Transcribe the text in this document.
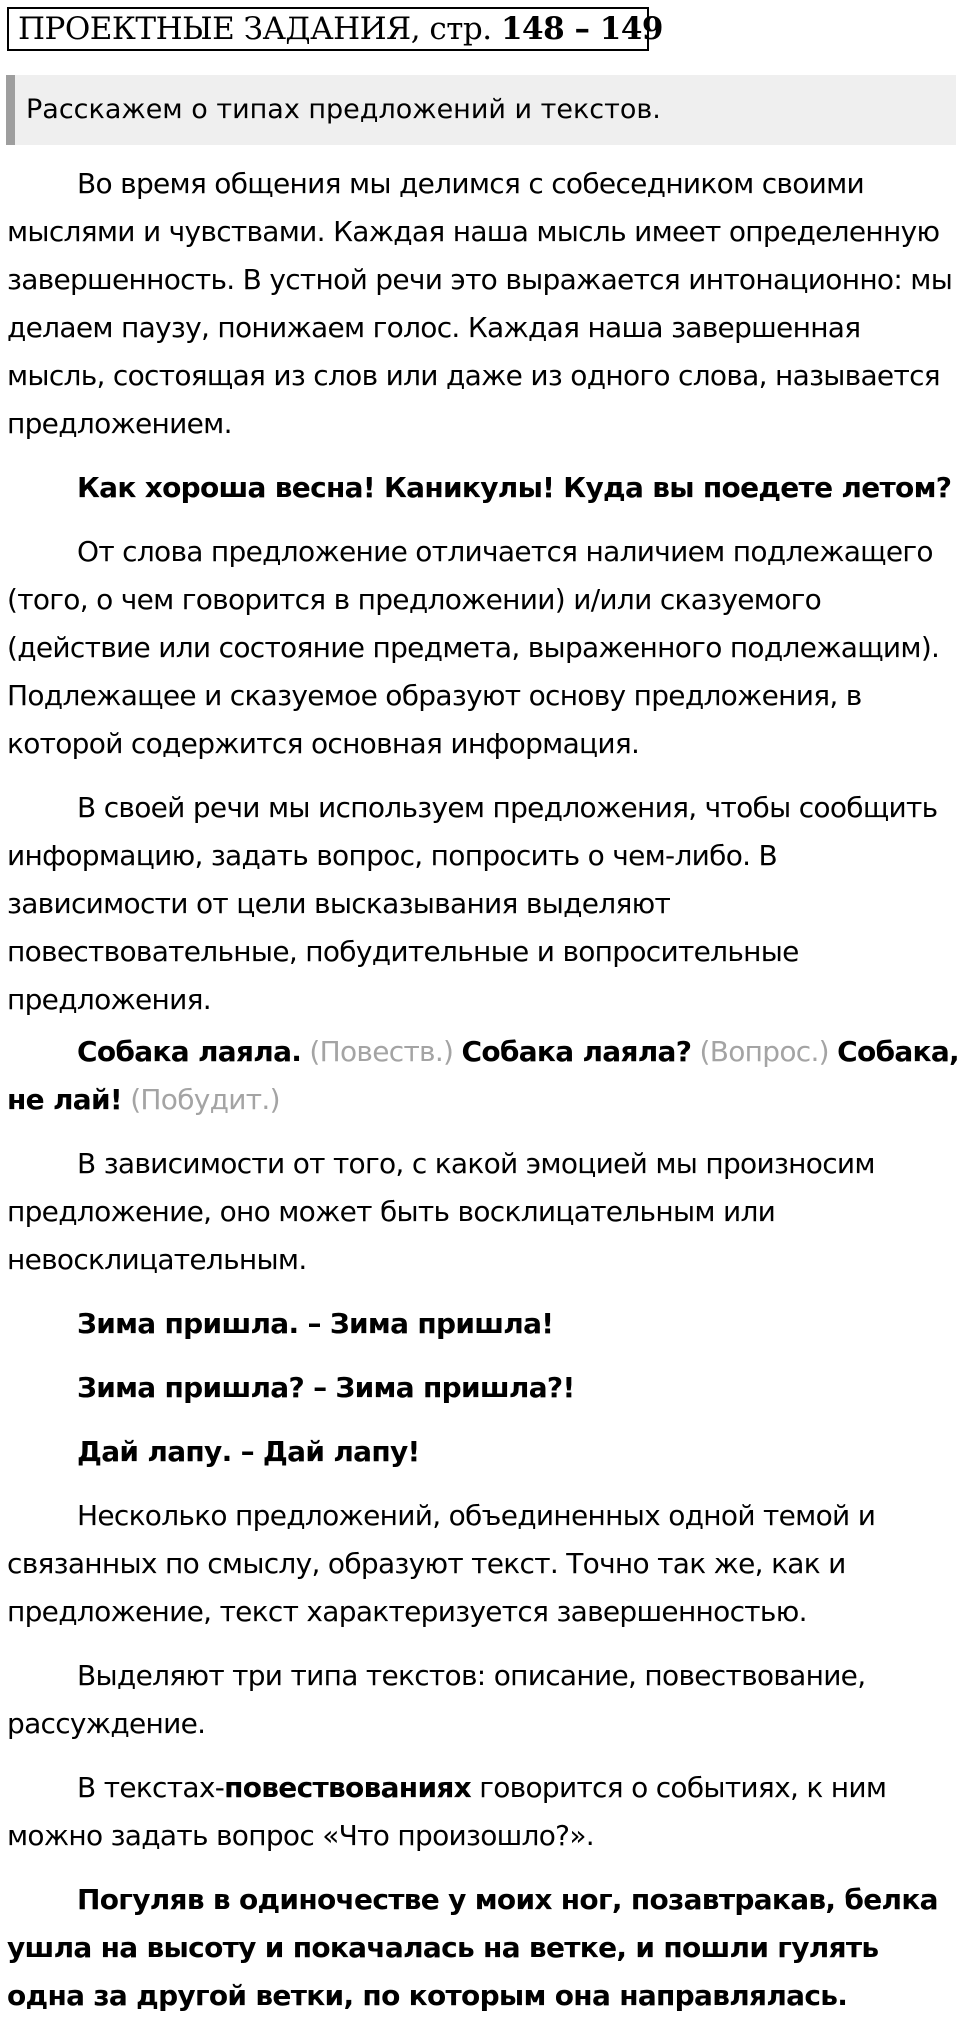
ПРОЕКТНЫЕ ЗАДАНИЯ, стр. 148 – 149
Расскажем о типах предложений и текстов.

Во время общения мы делимся с собеседником своими мыслями и чувствами. Каждая наша мысль имеет определенную завершенность. В устной речи это выражается интонационно: мы делаем паузу, понижаем голос. Каждая наша завершенная мысль, состоящая из слов или даже из одного слова, называется предложением.

Как хороша весна! Каникулы! Куда вы поедете летом?

От слова предложение отличается наличием подлежащего (того, о чем говорится в предложении) и/или сказуемого (действие или состояние предмета, выраженного подлежащим). Подлежащее и сказуемое образуют основу предложения, в которой содержится основная информация.

В своей речи мы используем предложения, чтобы сообщить информацию, задать вопрос, попросить о чем-либо. В зависимости от цели высказывания выделяют повествовательные, побудительные и вопросительные предложения.

Собака лаяла. (Повеств.) Собака лаяла? (Вопрос.) Собака, не лай! (Побудит.)

В зависимости от того, с какой эмоцией мы произносим предложение, оно может быть восклицательным или невосклицательным.

Зима пришла. – Зима пришла!

Зима пришла? – Зима пришла?!

Дай лапу. – Дай лапу!

Несколько предложений, объединенных одной темой и связанных по смыслу, образуют текст. Точно так же, как и предложение, текст характеризуется завершенностью.

Выделяют три типа текстов: описание, повествование, рассуждение.

В текстах-повествованиях говорится о событиях, к ним можно задать вопрос «Что произошло?».

Погуляв в одиночестве у моих ног, позавтракав, белка ушла на высоту и покачалась на ветке, и пошли гулять одна за другой ветки, по которым она направлялась.
